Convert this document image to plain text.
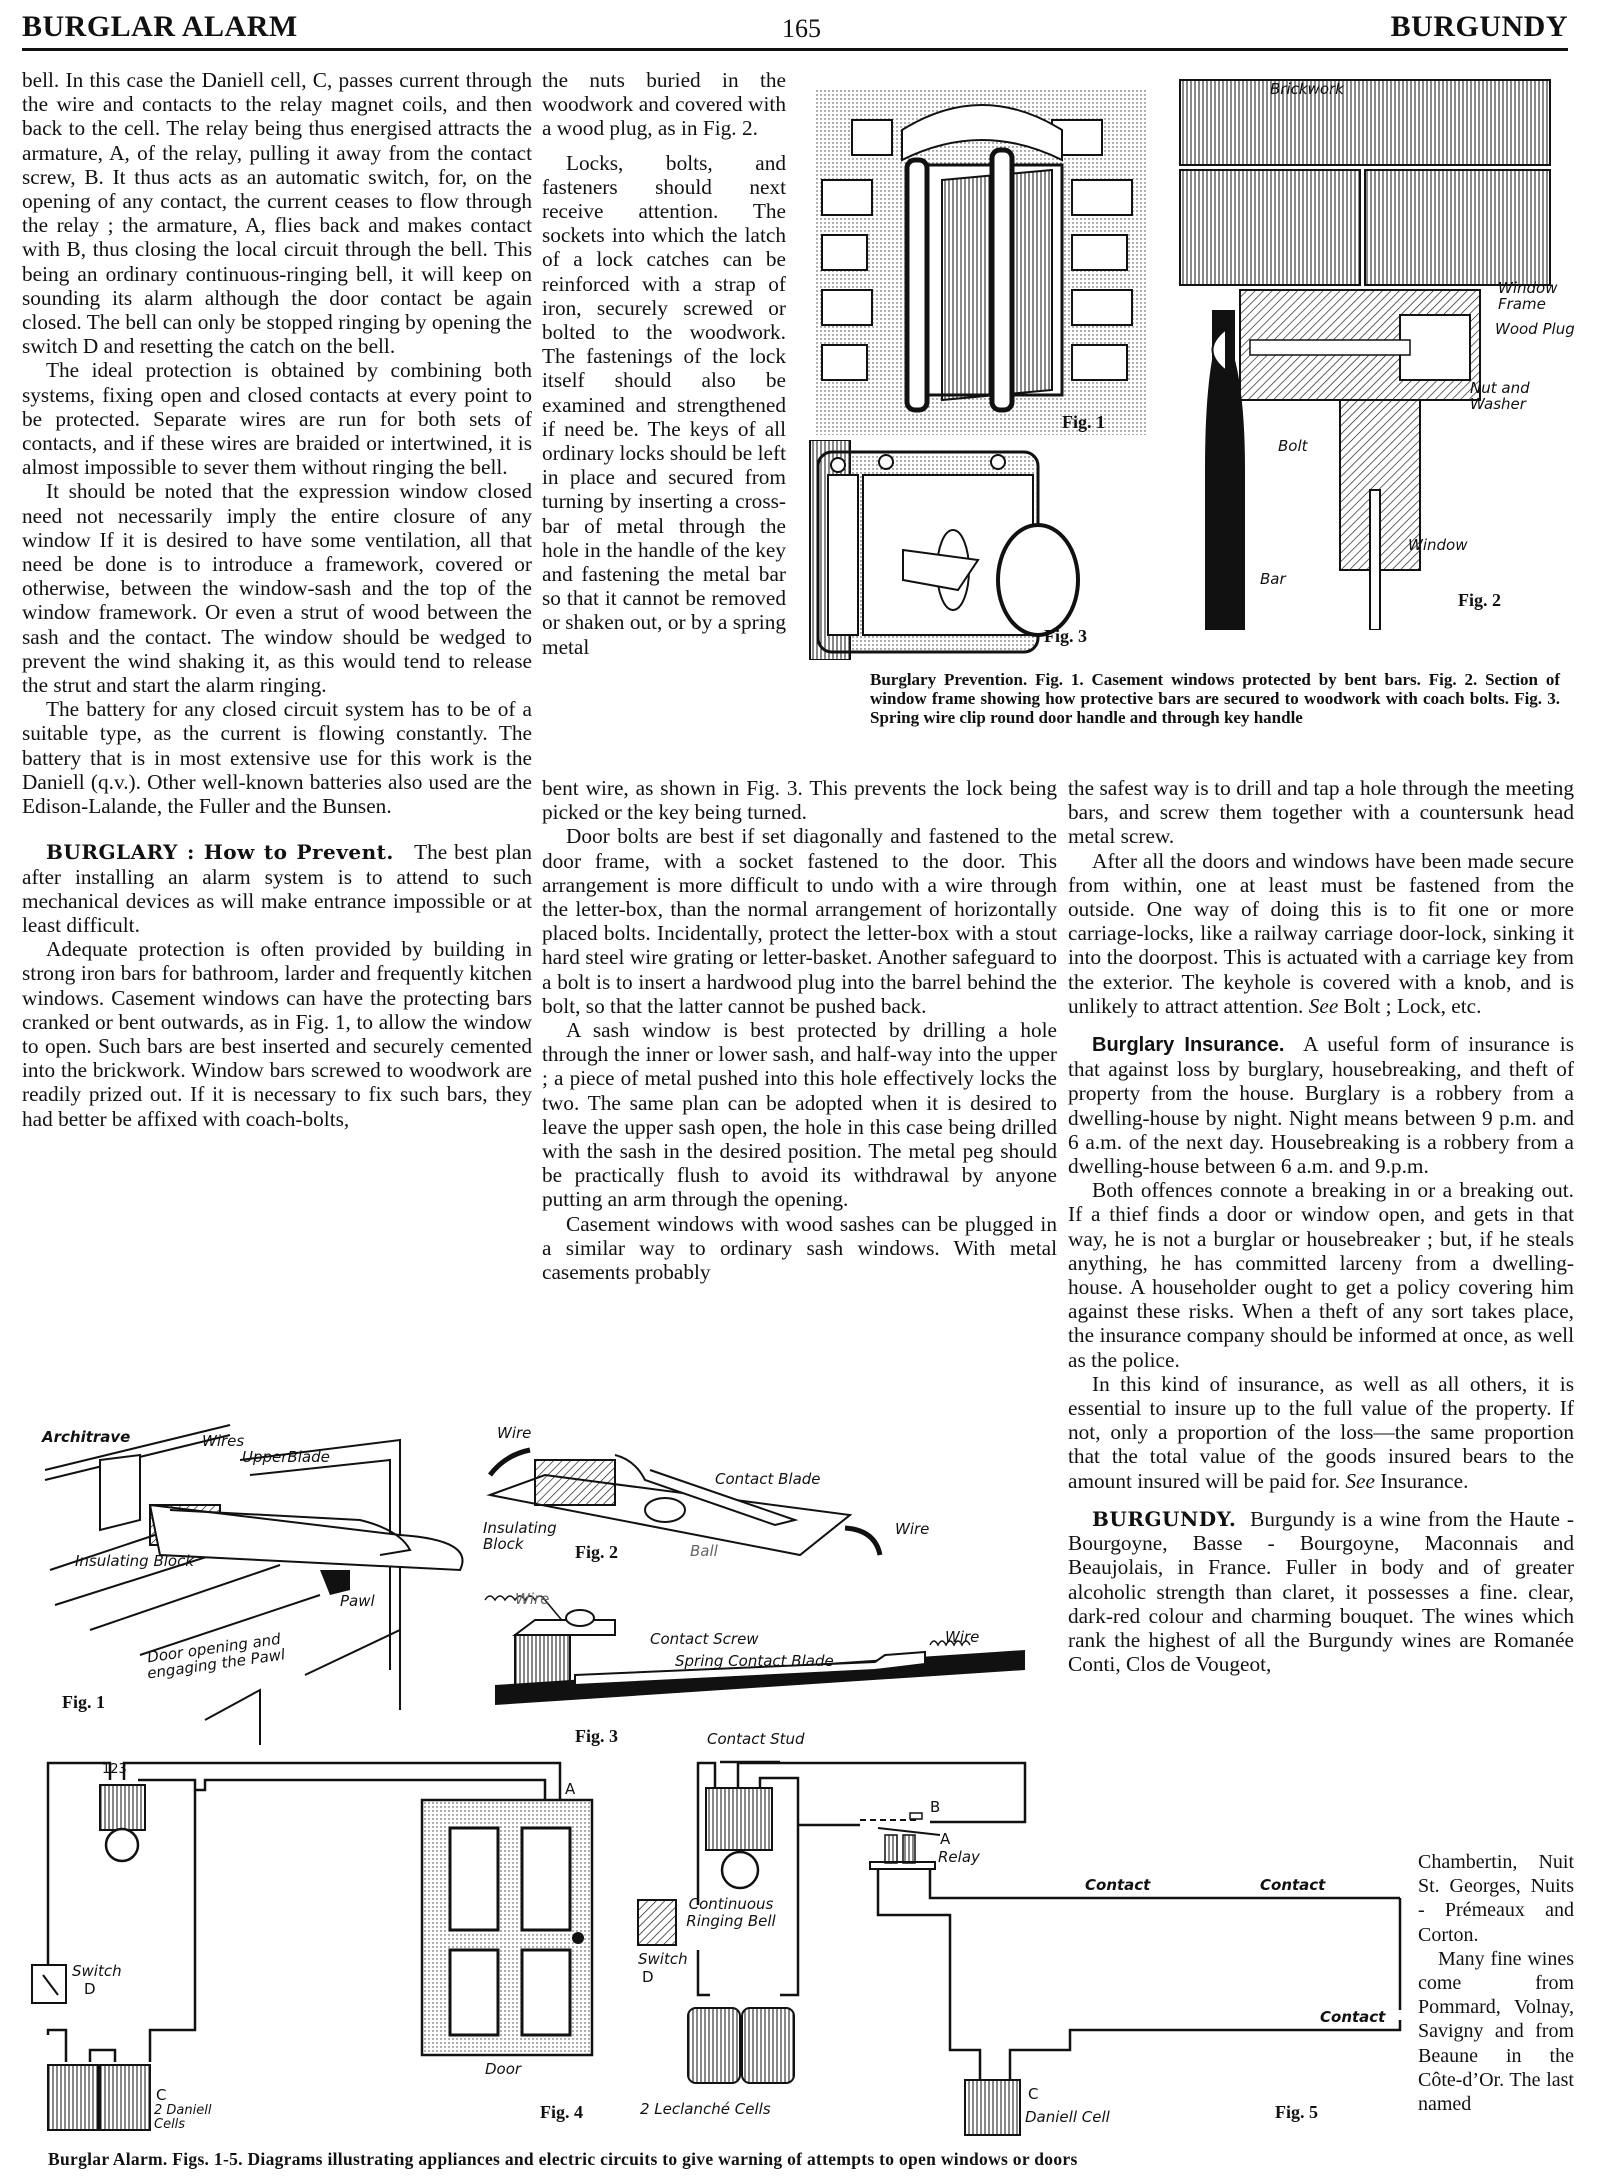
BURGLAR ALARM	165	BURGUNDY

bell. In this case the Daniell cell, C, passes current through the wire and contacts to the relay magnet coils, and then back to the cell. The relay being thus energised attracts the armature, A, of the relay, pulling it away from the contact screw, B. It thus acts as an automatic switch, for, on the opening of any contact, the current ceases to flow through the relay ; the armature, A, flies back and makes contact with B, thus closing the local circuit through the bell. This being an ordinary continuous-ringing bell, it will keep on sounding its alarm although the door contact be again closed. The bell can only be stopped ringing by opening the switch D and resetting the catch on the bell.

The ideal protection is obtained by combining both systems, fixing open and closed contacts at every point to be protected. Separate wires are run for both sets of contacts, and if these wires are braided or intertwined, it is almost impossible to sever them without ringing the bell.

It should be noted that the expression window closed need not necessarily imply the entire closure of any window If it is desired to have some ventilation, all that need be done is to introduce a framework, covered or otherwise, between the window-sash and the top of the window framework. Or even a strut of wood between the sash and the contact. The window should be wedged to prevent the wind shaking it, as this would tend to release the strut and start the alarm ringing.

The battery for any closed circuit system has to be of a suitable type, as the current is flowing constantly. The battery that is in most extensive use for this work is the Daniell (q.v.). Other well-known batteries also used are the Edison-Lalande, the Fuller and the Bunsen.

BURGLARY : How to Prevent. The best plan after installing an alarm system is to attend to such mechanical devices as will make entrance impossible or at least difficult.

Adequate protection is often provided by building in strong iron bars for bathroom, larder and frequently kitchen windows. Casement windows can have the protecting bars cranked or bent outwards, as in Fig. 1, to allow the window to open. Such bars are best inserted and securely cemented into the brickwork. Window bars screwed to woodwork are readily prized out. If it is necessary to fix such bars, they had better be affixed with coach-bolts,

the nuts buried in the woodwork and covered with a wood plug, as in Fig. 2.

Locks, bolts, and fasteners should next receive attention. The sockets into which the latch of a lock catches can be reinforced with a strap of iron, securely screwed or bolted to the woodwork. The fastenings of the lock itself should also be examined and strengthened if need be. The keys of all ordinary locks should be left in place and secured from turning by inserting a cross-bar of metal through the hole in the handle of the key and fastening the metal bar so that it cannot be removed or shaken out, or by a spring metal

Fig. 1
Fig. 3
Brickwork
Window Frame
Wood Plug
Nut and Washer
Bolt
Window
Bar
Fig. 2
Burglary Prevention. Fig. 1. Casement windows protected by bent bars. Fig. 2. Section of window frame showing how protective bars are secured to woodwork with coach bolts. Fig. 3. Spring wire clip round door handle and through key handle

bent wire, as shown in Fig. 3. This prevents the lock being picked or the key being turned.

Door bolts are best if set diagonally and fastened to the door frame, with a socket fastened to the door. This arrangement is more difficult to undo with a wire through the letter-box, than the normal arrangement of horizontally placed bolts. Incidentally, protect the letter-box with a stout hard steel wire grating or letter-basket. Another safeguard to a bolt is to insert a hardwood plug into the barrel behind the bolt, so that the latter cannot be pushed back.

A sash window is best protected by drilling a hole through the inner or lower sash, and half-way into the upper ; a piece of metal pushed into this hole effectively locks the two. The same plan can be adopted when it is desired to leave the upper sash open, the hole in this case being drilled with the sash in the desired position. The metal peg should be practically flush to avoid its withdrawal by anyone putting an arm through the opening.

Casement windows with wood sashes can be plugged in a similar way to ordinary sash windows. With metal casements probably

the safest way is to drill and tap a hole through the meeting bars, and screw them together with a countersunk head metal screw.

After all the doors and windows have been made secure from within, one at least must be fastened from the outside. One way of doing this is to fit one or more carriage-locks, like a railway carriage door-lock, sinking it into the doorpost. This is actuated with a carriage key from the exterior. The keyhole is covered with a knob, and is unlikely to attract attention. See Bolt ; Lock, etc.

Burglary Insurance. A useful form of insurance is that against loss by burglary, housebreaking, and theft of property from the house. Burglary is a robbery from a dwelling-house by night. Night means between 9 p.m. and 6 a.m. of the next day. Housebreaking is a robbery from a dwelling-house between 6 a.m. and 9.p.m.

Both offences connote a breaking in or a breaking out. If a thief finds a door or window open, and gets in that way, he is not a burglar or housebreaker ; but, if he steals anything, he has committed larceny from a dwelling-house. A householder ought to get a policy covering him against these risks. When a theft of any sort takes place, the insurance company should be informed at once, as well as the police.

In this kind of insurance, as well as all others, it is essential to insure up to the full value of the property. If not, only a proportion of the loss—the same proportion that the total value of the goods insured bears to the amount insured will be paid for. See Insurance.

BURGUNDY. Burgundy is a wine from the Haute - Bourgoyne, Basse - Bourgoyne, Maconnais and Beaujolais, in France. Fuller in body and of greater alcoholic strength than claret, it possesses a fine. clear, dark-red colour and charming bouquet. The wines which rank the highest of all the Burgundy wines are Romanée Conti, Clos de Vougeot,

Chambertin, Nuit St. Georges, Nuits - Prémeaux and Corton.

Many fine wines come from Pommard, Volnay, Savigny and from Beaune in the Côte-d’Or. The last named

Architrave	Wires
UpperBlade
Insulating Block
Pawl
Door opening and engaging the Pawl
Fig. 1
Wire
Contact Blade
Insulating Block	Ball
Wire
Fig. 2
Wire
Contact Screw
Spring Contact Blade
Wire
Contact Stud
Fig. 3
123
A
Switch
D
C
2 Daniell Cells
Door
Fig. 4
Continuous Ringing Bell
Switch
D
2 Leclanché Cells
B
A
Relay
Contact	Contact
Contact
C
Daniell Cell	Fig. 5
Burglar Alarm. Figs. 1-5. Diagrams illustrating appliances and electric circuits to give warning of attempts to open windows or doors
